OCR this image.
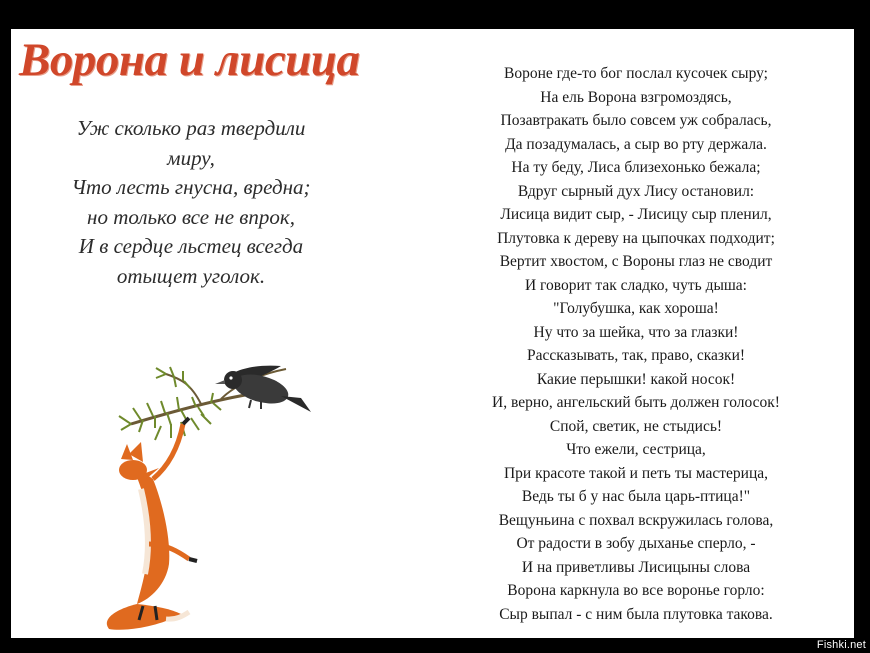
Ворона и лисица
Уж сколько раз твердили
миру,
Что лесть гнусна, вредна;
но только все не впрок,
И в сердце льстец всегда
отыщет уголок.
Вороне где-то бог послал кусочек сыру;
На ель Ворона взгромоздясь,
Позавтракать было совсем уж собралась,
Да позадумалась, а сыр во рту держала.
На ту беду, Лиса близехонько бежала;
Вдруг сырный дух Лису остановил:
Лисица видит сыр, - Лисицу сыр пленил,
Плутовка к дереву на цыпочках подходит;
Вертит хвостом, с Вороны глаз не сводит
И говорит так сладко, чуть дыша:
"Голубушка, как хороша!
Ну что за шейка, что за глазки!
Рассказывать, так, право, сказки!
Какие перышки! какой носок!
И, верно, ангельский быть должен голосок!
Спой, светик, не стыдись!
Что ежели, сестрица,
При красоте такой и петь ты мастерица,
Ведь ты б у нас была царь-птица!"
Вещуньина с похвал вскружилась голова,
От радости в зобу дыханье сперло, -
И на приветливы Лисицыны слова
Ворона каркнула во все воронье горло:
Сыр выпал - с ним была плутовка такова.
Fishki.net
